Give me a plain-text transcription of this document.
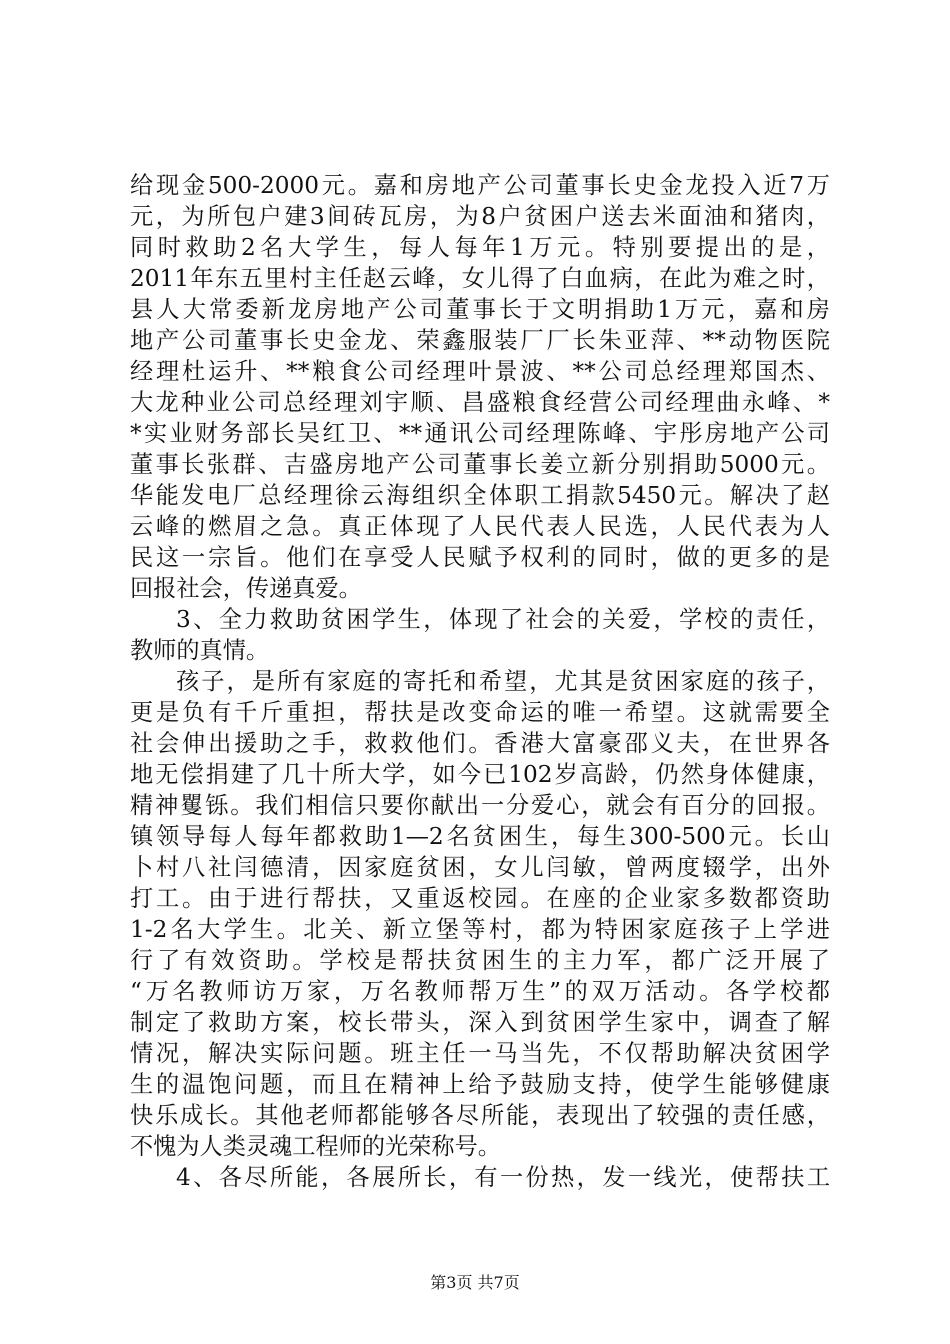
给现金500-2000元。嘉和房地产公司董事长史金龙投入近7万
元，为所包户建3间砖瓦房，为8户贫困户送去米面油和猪肉，
同时救助2名大学生，每人每年1万元。特别要提出的是，
2011年东五里村主任赵云峰，女儿得了白血病，在此为难之时，
县人大常委新龙房地产公司董事长于文明捐助1万元，嘉和房
地产公司董事长史金龙、荣鑫服装厂厂长朱亚萍、**动物医院
经理杜运升、**粮食公司经理叶景波、**公司总经理郑国杰、
大龙种业公司总经理刘宇顺、昌盛粮食经营公司经理曲永峰、*
*实业财务部长吴红卫、**通讯公司经理陈峰、宇彤房地产公司
董事长张群、吉盛房地产公司董事长姜立新分别捐助5000元。
华能发电厂总经理徐云海组织全体职工捐款5450元。解决了赵
云峰的燃眉之急。真正体现了人民代表人民选，人民代表为人
民这一宗旨。他们在享受人民赋予权利的同时，做的更多的是
回报社会，传递真爱。
3、全力救助贫困学生，体现了社会的关爱，学校的责任，
教师的真情。
孩子，是所有家庭的寄托和希望，尤其是贫困家庭的孩子，
更是负有千斤重担，帮扶是改变命运的唯一希望。这就需要全
社会伸出援助之手，救救他们。香港大富豪邵义夫，在世界各
地无偿捐建了几十所大学，如今已102岁高龄，仍然身体健康，
精神矍铄。我们相信只要你献出一分爱心，就会有百分的回报。
镇领导每人每年都救助1—2名贫困生，每生300-500元。长山
卜村八社闫德清，因家庭贫困，女儿闫敏，曾两度辍学，出外
打工。由于进行帮扶，又重返校园。在座的企业家多数都资助
1-2名大学生。北关、新立堡等村，都为特困家庭孩子上学进
行了有效资助。学校是帮扶贫困生的主力军，都广泛开展了
“万名教师访万家，万名教师帮万生”的双万活动。各学校都
制定了救助方案，校长带头，深入到贫困学生家中，调查了解
情况，解决实际问题。班主任一马当先，不仅帮助解决贫困学
生的温饱问题，而且在精神上给予鼓励支持，使学生能够健康
快乐成长。其他老师都能够各尽所能，表现出了较强的责任感，
不愧为人类灵魂工程师的光荣称号。
4、各尽所能，各展所长，有一份热，发一线光，使帮扶工
第3页 共7页
